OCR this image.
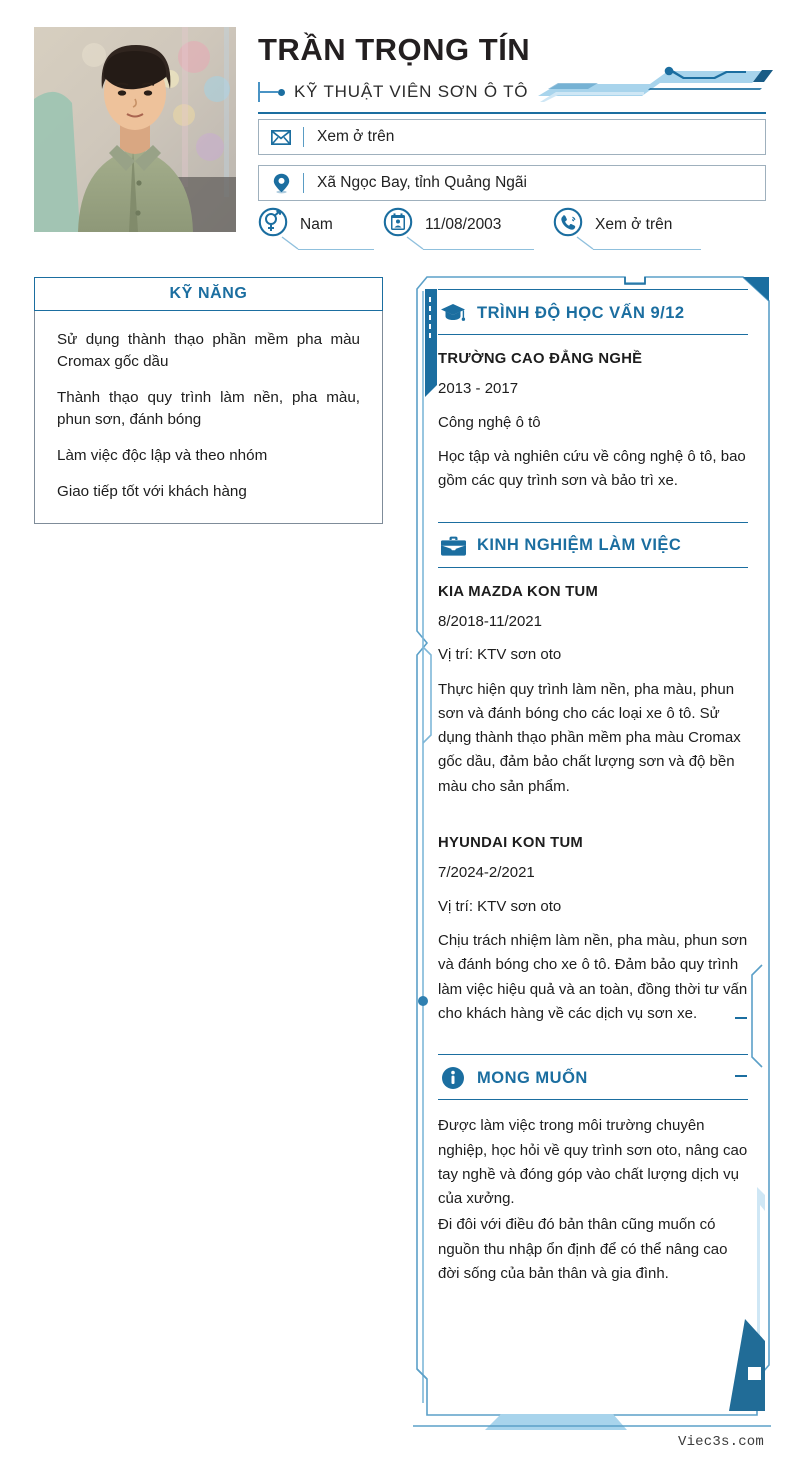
TRẦN TRỌNG TÍN
KỸ THUẬT VIÊN SƠN Ô TÔ
Xem ở trên
Xã Ngọc Bay, tỉnh Quảng Ngãi
Nam	11/08/2003	Xem ở trên
KỸ NĂNG
Sử dụng thành thạo phần mềm pha màu Cromax gốc dầu
Thành thạo quy trình làm nền, pha màu, phun sơn, đánh bóng
Làm việc độc lập và theo nhóm
Giao tiếp tốt với khách hàng
TRÌNH ĐỘ HỌC VẤN 9/12
TRƯỜNG CAO ĐẲNG NGHỀ
2013 - 2017
Công nghệ ô tô
Học tập và nghiên cứu về công nghệ ô tô, bao gồm các quy trình sơn và bảo trì xe.
KINH NGHIỆM LÀM VIỆC
KIA MAZDA KON TUM
8/2018-11/2021
Vị trí: KTV sơn oto
Thực hiện quy trình làm nền, pha màu, phun sơn và đánh bóng cho các loại xe ô tô. Sử dụng thành thạo phần mềm pha màu Cromax gốc dầu, đảm bảo chất lượng sơn và độ bền màu cho sản phẩm.
HYUNDAI KON TUM
7/2024-2/2021
Vị trí: KTV sơn oto
Chịu trách nhiệm làm nền, pha màu, phun sơn và đánh bóng cho xe ô tô. Đảm bảo quy trình làm việc hiệu quả và an toàn, đồng thời tư vấn cho khách hàng về các dịch vụ sơn xe.
MONG MUỐN
Được làm việc trong môi trường chuyên nghiệp, học hỏi về quy trình sơn oto, nâng cao tay nghề và đóng góp vào chất lượng dịch vụ của xưởng.
Đi đôi với điều đó bản thân cũng muốn có nguồn thu nhập ổn định để có thể nâng cao đời sống của bản thân và gia đình.
Viec3s.com
